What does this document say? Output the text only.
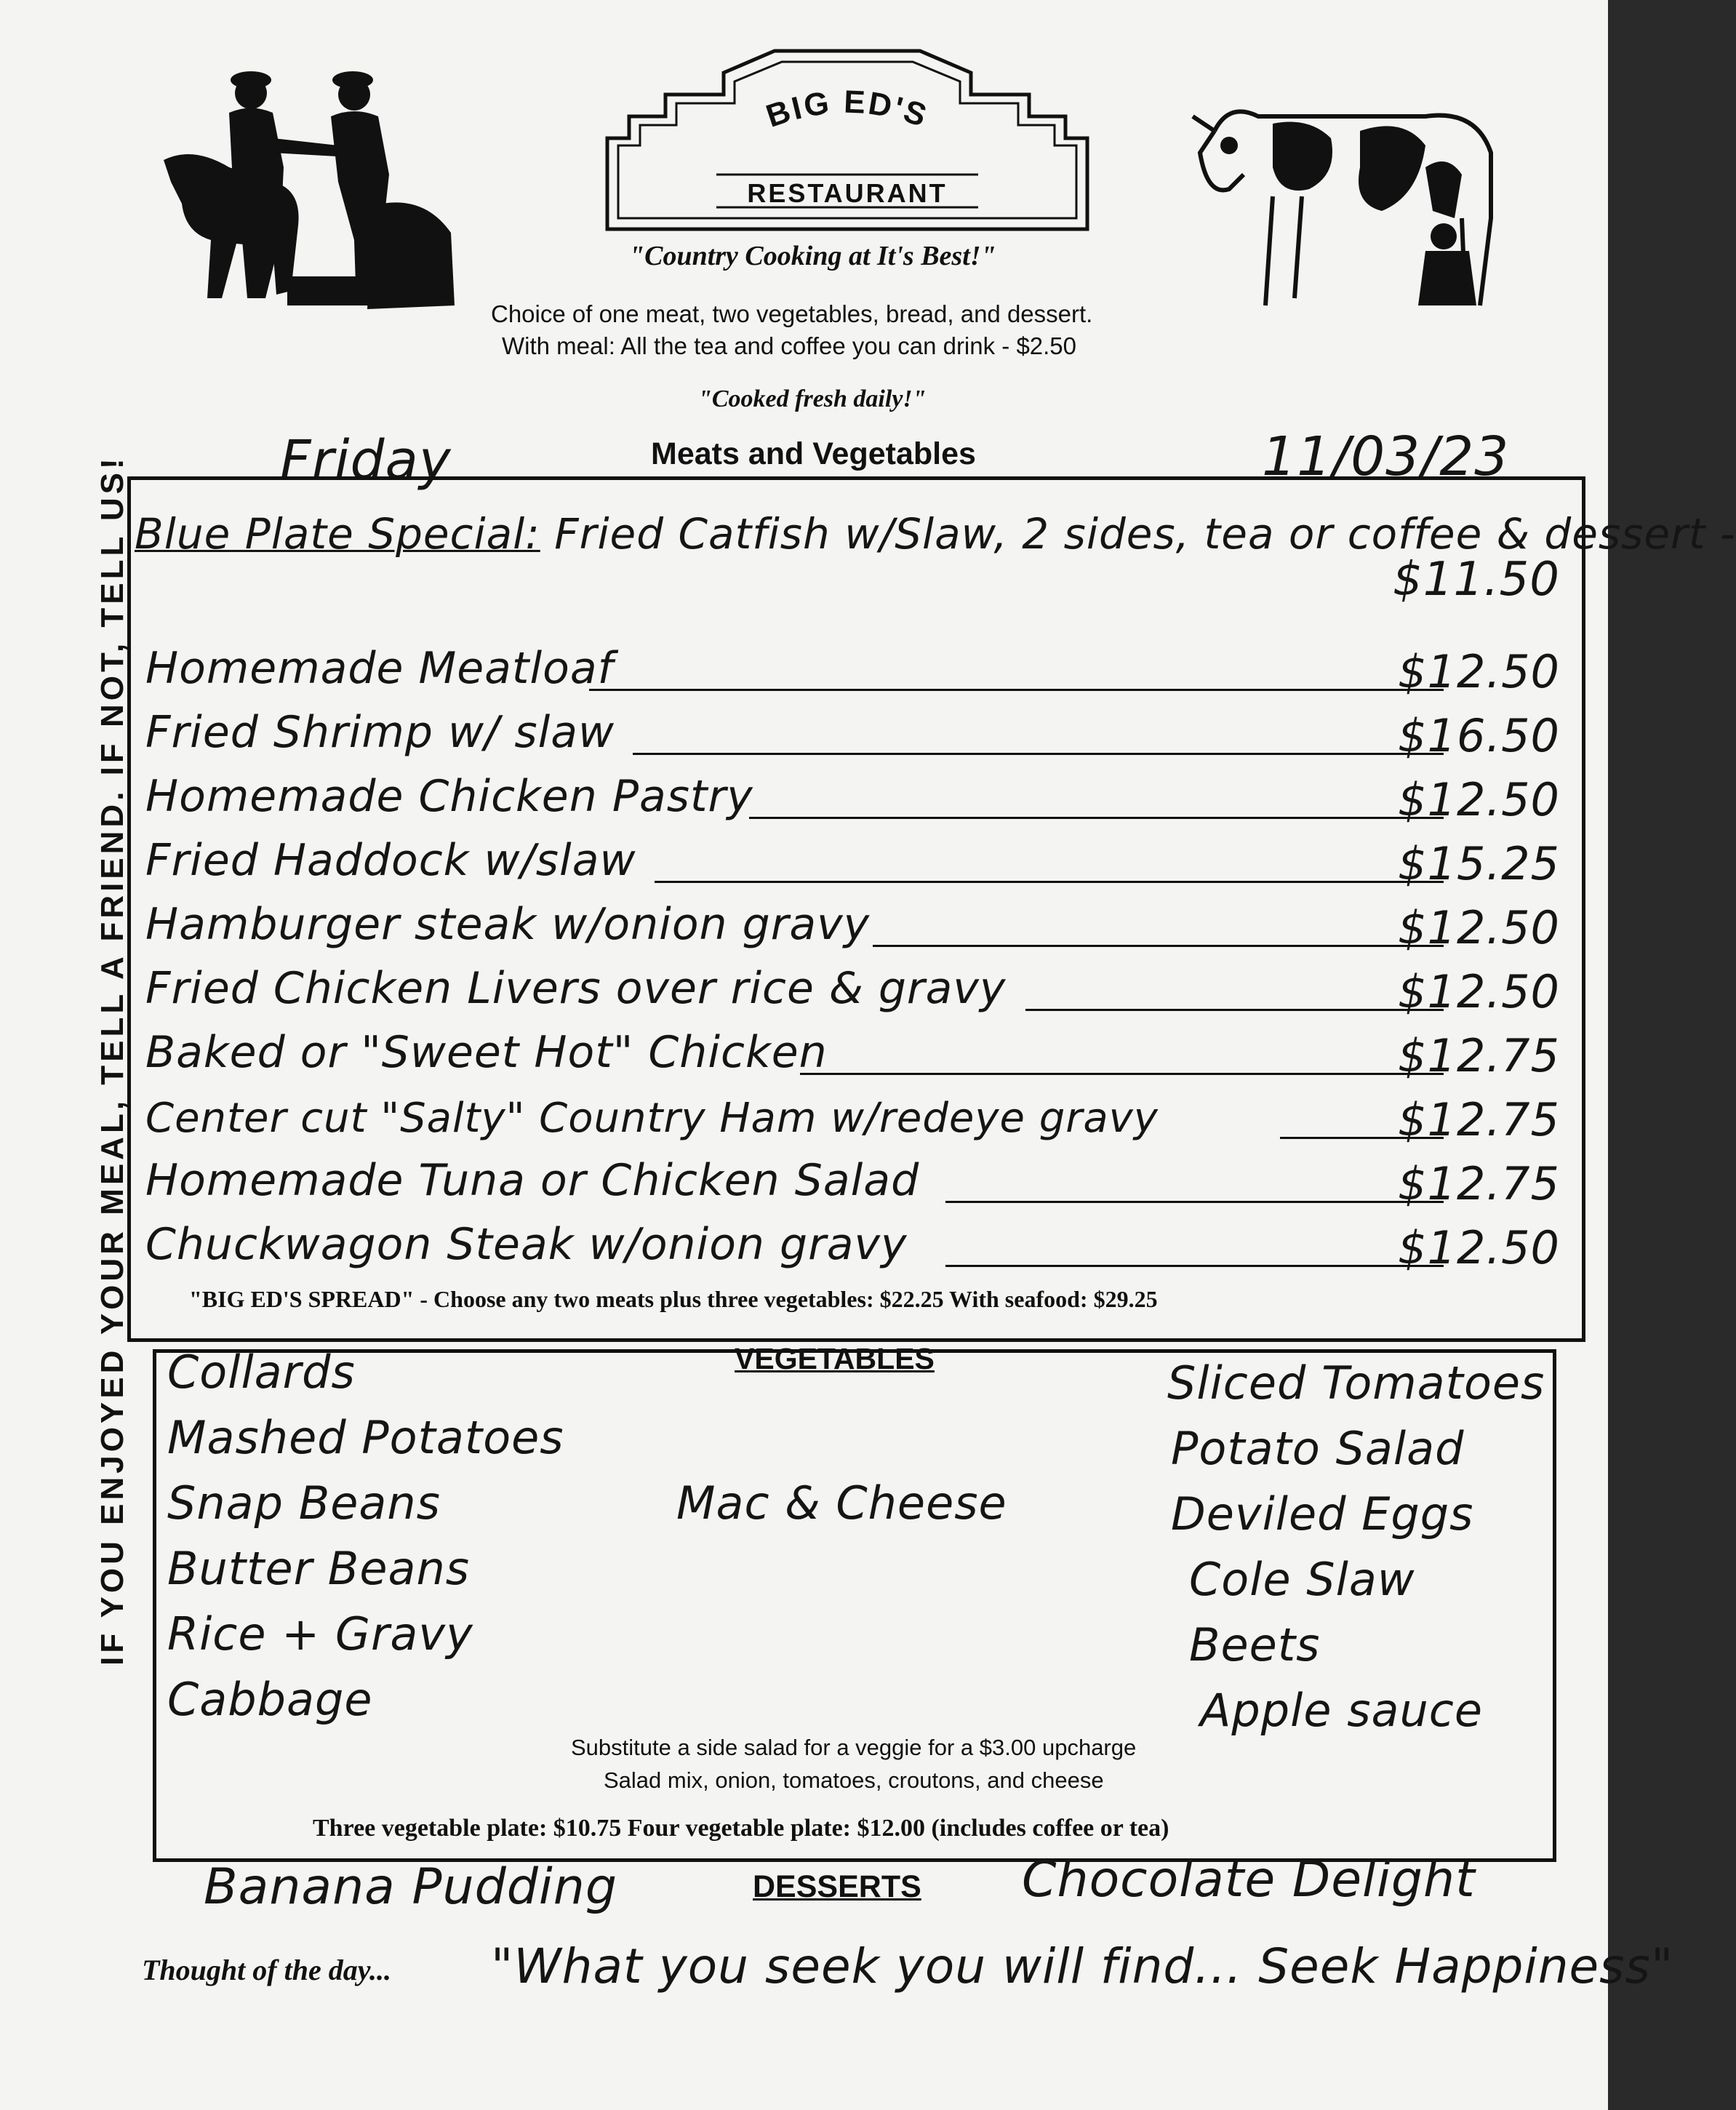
BIG ED'S
RESTAURANT
"Country Cooking at It's Best!"
Choice of one meat, two vegetables, bread, and dessert.
With meal: All the tea and coffee you can drink - $2.50
"Cooked fresh daily!"
Friday	Meats and Vegetables	11/03/23
IF YOU ENJOYED YOUR MEAL, TELL A FRIEND. IF NOT, TELL US! Blue Plate Special: Fried Catfish w/Slaw, 2 sides, tea or coffee & dessert -
$11.50
Homemade Meatloaf	$12.50
Fried Shrimp w/ slaw	$16.50
Homemade Chicken Pastry	$12.50
Fried Haddock w/slaw	$15.25
Hamburger steak w/onion gravy	$12.50
Fried Chicken Livers over rice & gravy	$12.50
Baked or "Sweet Hot" Chicken	$12.75
Center cut "Salty" Country Ham w/redeye gravy	$12.75
Homemade Tuna or Chicken Salad	$12.75
Chuckwagon Steak w/onion gravy	$12.50
"BIG ED'S SPREAD" - Choose any two meats plus three vegetables: $22.25 With seafood: $29.25
VEGETABLES
Collards
Mashed Potatoes
Snap Beans
Butter Beans
Rice + Gravy
Cabbage
Mac & Cheese
Sliced Tomatoes
Potato Salad
Deviled Eggs
Cole Slaw
Beets
Apple sauce
Substitute a side salad for a veggie for a $3.00 upcharge
Salad mix, onion, tomatoes, croutons, and cheese
Three vegetable plate: $10.75 Four vegetable plate: $12.00 (includes coffee or tea)
Banana Pudding	DESSERTS Chocolate Delight
Thought of the day... "What you seek you will find... Seek Happiness"
